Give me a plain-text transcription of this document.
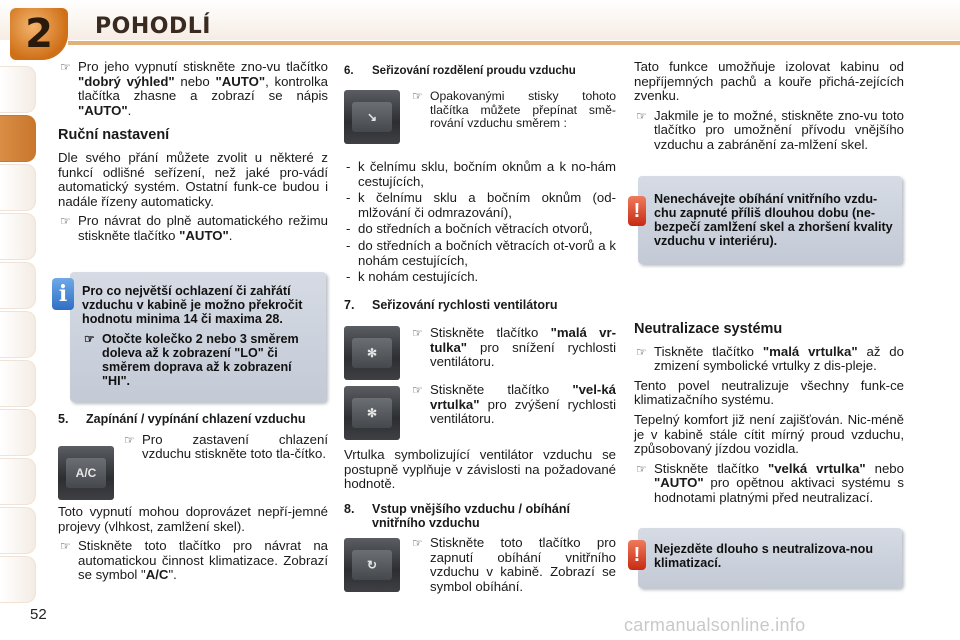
2 POHODLÍ
☞ Pro jeho vypnutí stiskněte zno-vu tlačítko "dobrý výhled" nebo "AUTO", kontrolka tlačítka zhasne a zobrazí se nápis "AUTO".
Ruční nastavení

Dle svého přání můžete zvolit u některé z funkcí odlišné seřízení, než jaké pro-vádí automatický systém. Ostatní funk-ce budou i nadále řízeny automaticky.

☞ Pro návrat do plně automatického režimu stiskněte tlačítko "AUTO".

Pro co největší ochlazení či zahřátí vzduchu v kabině je možno překročit hodnotu minima 14 či maxima 28.

☞ Otočte kolečko 2 nebo 3 směrem doleva až k zobrazení "LO" či směrem doprava až k zobrazení "HI".
i
5. Zapínání / vypínání chlazení vzduchu
☞ Pro zastavení chlazení vzduchu stiskněte toto tla-čítko.
A/C

Toto vypnutí mohou doprovázet nepří-jemné projevy (vlhkost, zamlžení skel).

☞ Stiskněte toto tlačítko pro návrat na automatickou činnost klimatizace. Zobrazí se symbol "A/C".
6. Seřizování rozdělení proudu vzduchu
↘
☞ Opakovanými stisky tohoto tlačítka můžete přepínat smě-rování vzduchu směrem :
- k čelnímu sklu, bočním oknům a k no-hám cestujících,
- k čelnímu sklu a bočním oknům (od-mlžování či odmrazování),
- do středních a bočních větracích otvorů,
- do středních a bočních větracích ot-vorů a k nohám cestujících,
- k nohám cestujících.
7. Seřizování rychlosti ventilátoru
✻
☞ Stiskněte tlačítko "malá vr-tulka" pro snížení rychlosti ventilátoru.
✻
☞ Stiskněte tlačítko "vel-ká vrtulka" pro zvýšení rychlosti ventilátoru.

Vrtulka symbolizující ventilátor vzduchu se postupně vyplňuje v závislosti na požadované hodnotě.

8. Vstup vnějšího vzduchu / obíhání vnitřního vzduchu
↻
☞ Stiskněte toto tlačítko pro zapnutí obíhání vnitřního vzduchu v kabině. Zobrazí se symbol obíhání.

Tato funkce umožňuje izolovat kabinu od nepříjemných pachů a kouře přichá-zejících zvenku.

☞ Jakmile je to možné, stiskněte zno-vu toto tlačítko pro umožnění přívodu vnějšího vzduchu a zabránění za-mlžení skel.

Nenechávejte obíhání vnitřního vzdu-chu zapnuté příliš dlouhou dobu (ne-bezpečí zamlžení skel a zhoršení kvality vzduchu v interiéru).

!
Neutralizace systému
☞ Tiskněte tlačítko "malá vrtulka" až do zmizení symbolické vrtulky z dis-pleje.

Tento povel neutralizuje všechny funk-ce klimatizačního systému.

Tepelný komfort již není zajišťován. Nic-méně je v kabině stále cítit mírný proud vzduchu, způsobovaný jízdou vozidla.

☞ Stiskněte tlačítko "velká vrtulka" nebo "AUTO" pro opětnou aktivaci systému s hodnotami platnými před neutralizací.

Nejezděte dlouho s neutralizova-nou klimatizací.

!
52
carmanualsonline.info
